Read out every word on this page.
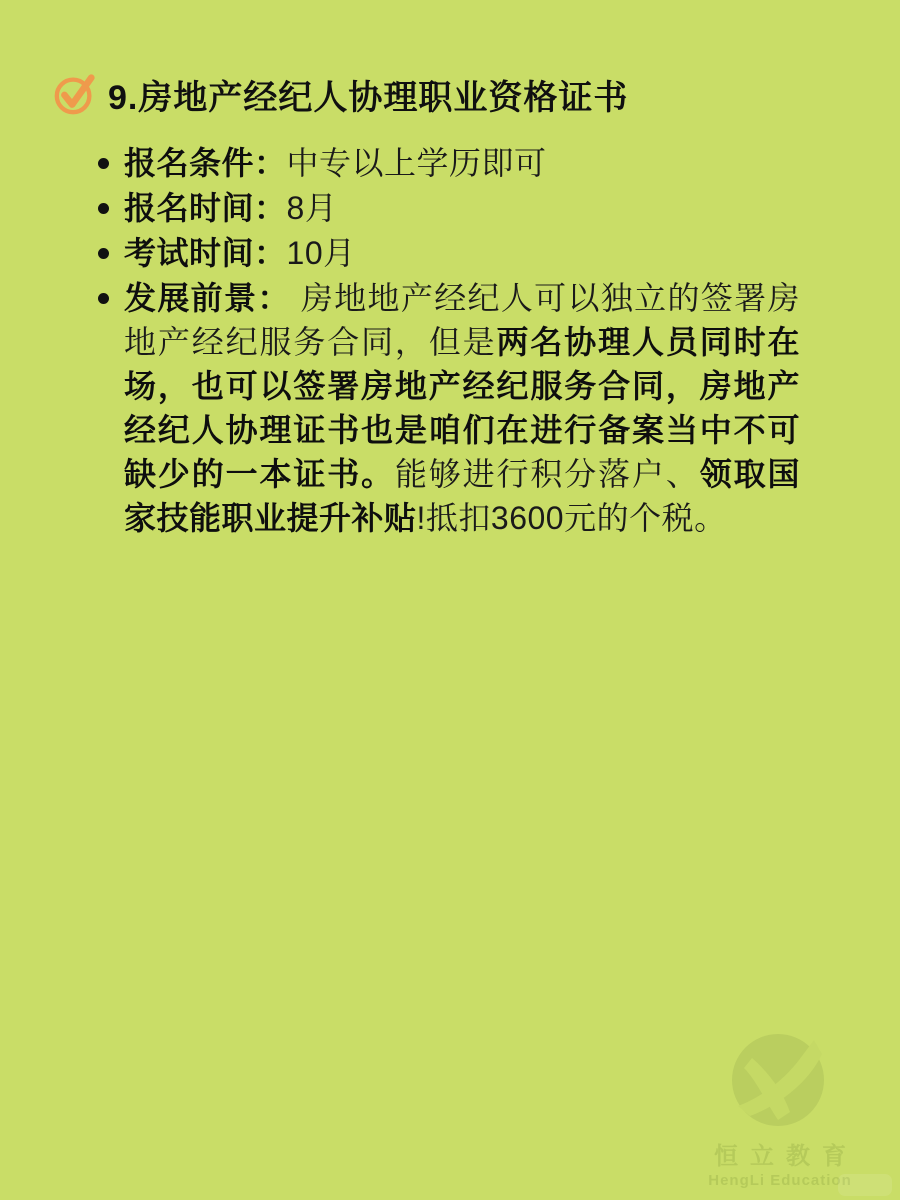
9.房地产经纪人协理职业资格证书
报名条件：中专以上学历即可
报名时间：8月
考试时间：10月
发展前景： 房地地产经纪人可以独立的签署房地产经纪服务合同，但是两名协理人员同时在场，也可以签署房地产经纪服务合同，房地产经纪人协理证书也是咱们在进行备案当中不可缺少的一本证书。能够进行积分落户、领取国家技能职业提升补贴!抵扣3600元的个税。
恒立教育
HengLi Education
